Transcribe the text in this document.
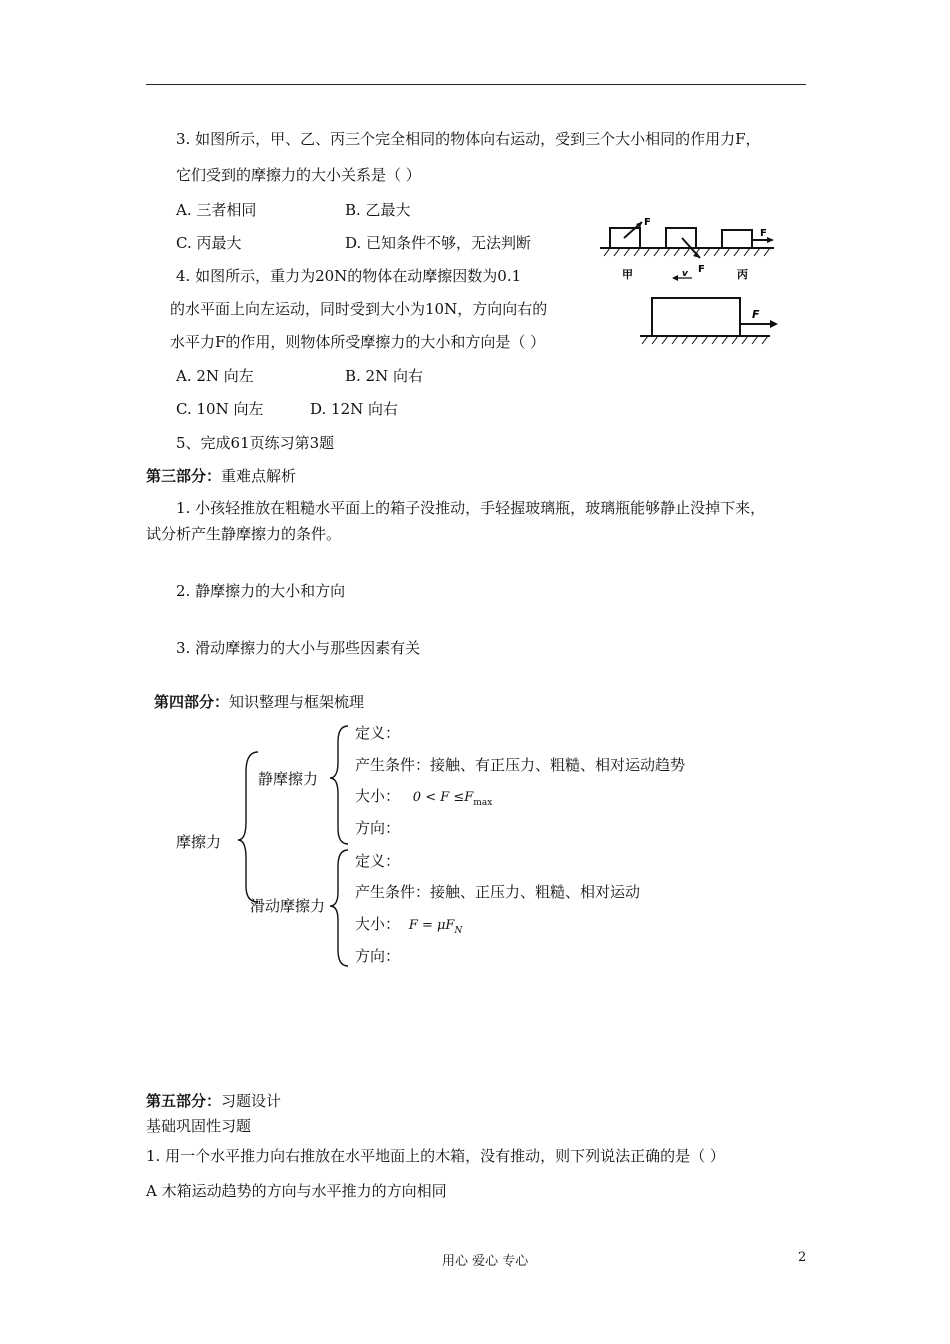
3. 如图所示，甲、乙、丙三个完全相同的物体向右运动，受到三个大小相同的作用力F，
它们受到的摩擦力的大小关系是（ ）
A. 三者相同	B. 乙最大
C. 丙最大	D. 已知条件不够，无法判断
F
F
F
甲	v	丙
4. 如图所示，重力为20N的物体在动摩擦因数为0.1
的水平面上向左运动，同时受到大小为10N，方向向右的
水平力F的作用，则物体所受摩擦力的大小和方向是（ ）
A. 2N 向左	B. 2N 向右
C. 10N 向左	D. 12N 向右
F
5、完成61页练习第3题
第三部分：重难点解析
1. 小孩轻推放在粗糙水平面上的箱子没推动，手轻握玻璃瓶，玻璃瓶能够静止没掉下来，
试分析产生静摩擦力的条件。
2. 静摩擦力的大小和方向
3. 滑动摩擦力的大小与那些因素有关
第四部分：知识整理与框架梳理
摩擦力
静摩擦力
定义：
产生条件：接触、有正压力、粗糙、相对运动趋势
大小： $0 < F \le F_{max}$
方向：
滑动摩擦力
定义：
产生条件：接触、正压力、粗糙、相对运动
大小： $F = \mu F_N$
方向：
第五部分：习题设计
基础巩固性习题
1. 用一个水平推力向右推放在水平地面上的木箱，没有推动，则下列说法正确的是（ ）
A 木箱运动趋势的方向与水平推力的方向相同
用心 爱心 专心	2
